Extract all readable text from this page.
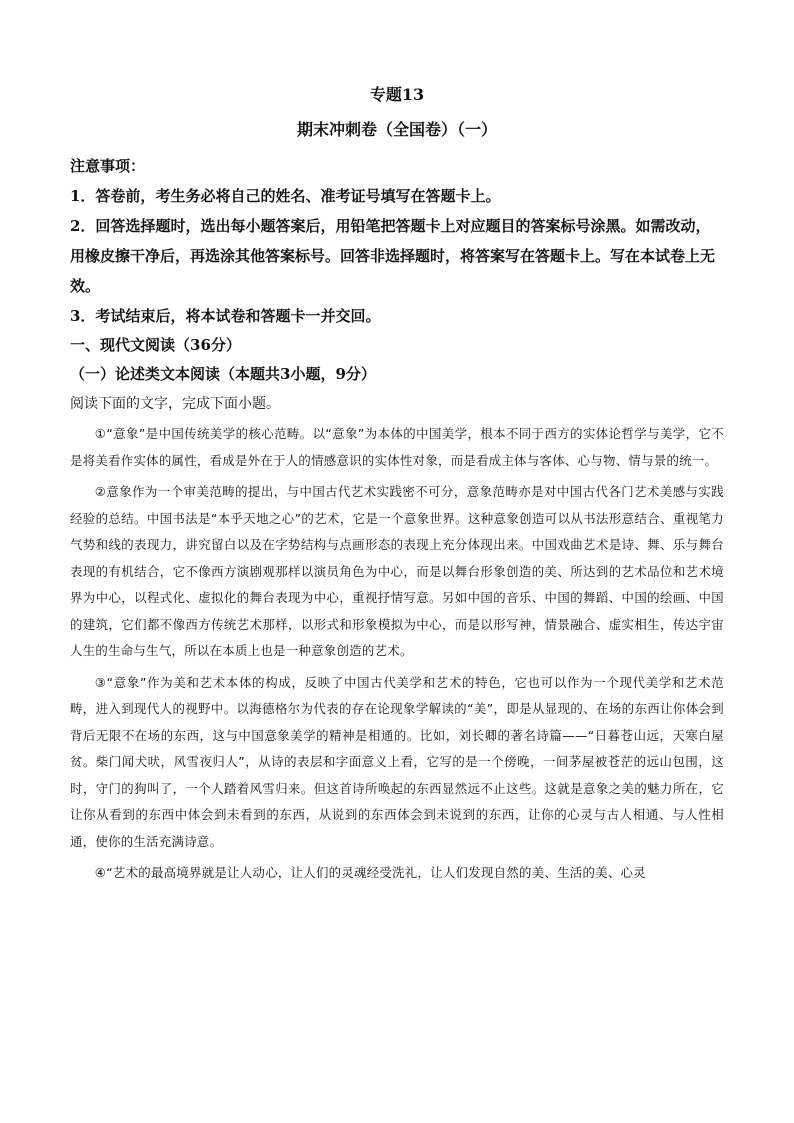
专题13
期末冲刺卷（全国卷）（一）

注意事项：

1．答卷前，考生务必将自己的姓名、准考证号填写在答题卡上。

2．回答选择题时，选出每小题答案后，用铅笔把答题卡上对应题目的答案标号涂黑。如需改动，用橡皮擦干净后，再选涂其他答案标号。回答非选择题时，将答案写在答题卡上。写在本试卷上无效。

3．考试结束后，将本试卷和答题卡一并交回。

一、现代文阅读（36分）
（一）论述类文本阅读（本题共3小题，9分）
阅读下面的文字，完成下面小题。

①“意象”是中国传统美学的核心范畴。以“意象”为本体的中国美学，根本不同于西方的实体论哲学与美学，它不是将美看作实体的属性，看成是外在于人的情感意识的实体性对象，而是看成主体与客体、心与物、情与景的统一。

②意象作为一个审美范畴的提出，与中国古代艺术实践密不可分，意象范畴亦是对中国古代各门艺术美感与实践经验的总结。中国书法是“本乎天地之心”的艺术，它是一个意象世界。这种意象创造可以从书法形意结合、重视笔力气势和线的表现力，讲究留白以及在字势结构与点画形态的表现上充分体现出来。中国戏曲艺术是诗、舞、乐与舞台表现的有机结合，它不像西方演剧观那样以演员角色为中心，而是以舞台形象创造的美、所达到的艺术品位和艺术境界为中心，以程式化、虚拟化的舞台表现为中心，重视抒情写意。另如中国的音乐、中国的舞蹈、中国的绘画、中国的建筑，它们都不像西方传统艺术那样，以形式和形象模拟为中心，而是以形写神，情景融合、虚实相生，传达宇宙人生的生命与生气，所以在本质上也是一种意象创造的艺术。

③“意象”作为美和艺术本体的构成，反映了中国古代美学和艺术的特色，它也可以作为一个现代美学和艺术范畴，进入到现代人的视野中。以海德格尔为代表的存在论现象学解读的“美”，即是从显现的、在场的东西让你体会到背后无限不在场的东西，这与中国意象美学的精神是相通的。比如，刘长卿的著名诗篇——“日暮苍山远，天寒白屋贫。柴门闻犬吠，风雪夜归人”，从诗的表层和字面意义上看，它写的是一个傍晚，一间茅屋被苍茫的远山包围，这时，守门的狗叫了，一个人踏着风雪归来。但这首诗所唤起的东西显然远不止这些。这就是意象之美的魅力所在，它让你从看到的东西中体会到未看到的东西，从说到的东西体会到未说到的东西，让你的心灵与古人相通、与人性相通，使你的生活充满诗意。

④“艺术的最高境界就是让人动心，让人们的灵魂经受洗礼，让人们发现自然的美、生活的美、心灵
